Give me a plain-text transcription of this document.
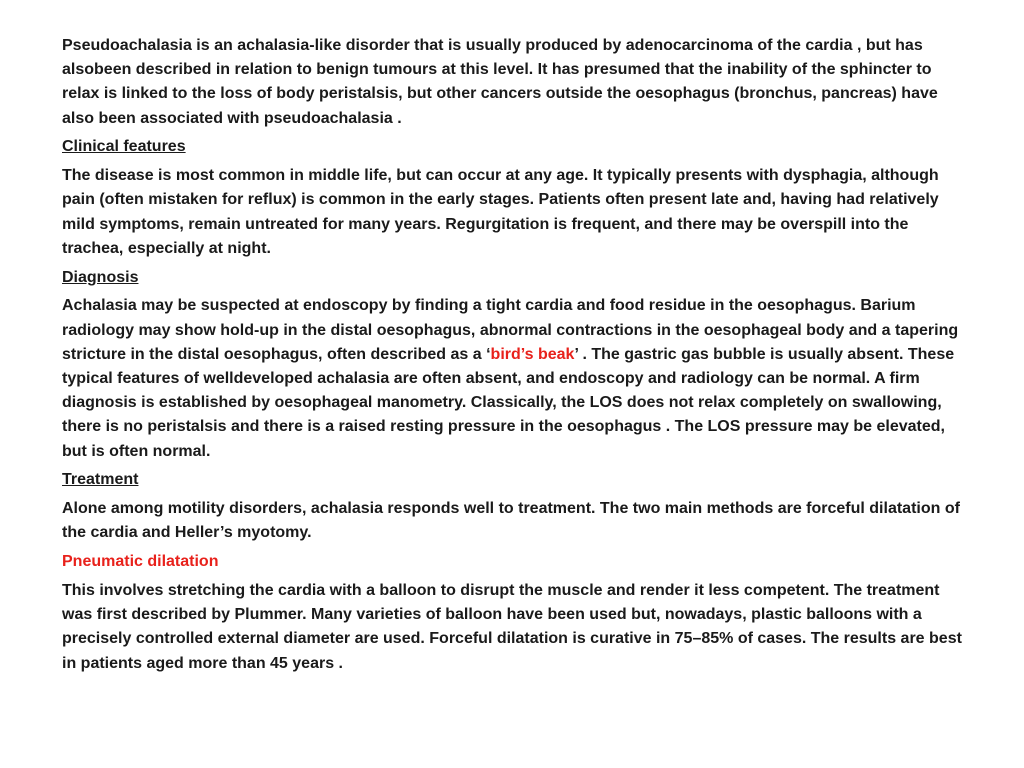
Pseudoachalasia is an achalasia-like disorder that is usually produced by adenocarcinoma of the cardia , but has alsobeen described in relation to benign tumours at this level. It has presumed that the inability of the sphincter to relax is linked to the loss of body peristalsis, but other cancers outside the oesophagus (bronchus, pancreas) have also been associated with pseudoachalasia .

Clinical features

The disease is most common in middle life, but can occur at any age. It typically presents with dysphagia, although pain (often mistaken for reflux) is common in the early stages. Patients often present late and, having had relatively mild symptoms, remain untreated for many years. Regurgitation is frequent, and there may be overspill into the trachea, especially at night.

Diagnosis

Achalasia may be suspected at endoscopy by finding a tight cardia and food residue in the oesophagus. Barium radiology may show hold-up in the distal oesophagus, abnormal contractions in the oesophageal body and a tapering stricture in the distal oesophagus, often described as a ‘bird’s beak’ . The gastric gas bubble is usually absent. These typical features of welldeveloped achalasia are often absent, and endoscopy and radiology can be normal. A firm diagnosis is established by oesophageal manometry. Classically, the LOS does not relax completely on swallowing, there is no peristalsis and there is a raised resting pressure in the oesophagus . The LOS pressure may be elevated, but is often normal.

Treatment

Alone among motility disorders, achalasia responds well to treatment. The two main methods are forceful dilatation of the cardia and Heller’s myotomy.

Pneumatic dilatation

This involves stretching the cardia with a balloon to disrupt the muscle and render it less competent. The treatment was first described by Plummer. Many varieties of balloon have been used but, nowadays, plastic balloons with a precisely controlled external diameter are used. Forceful dilatation is curative in 75–85% of cases. The results are best in patients aged more than 45 years .
